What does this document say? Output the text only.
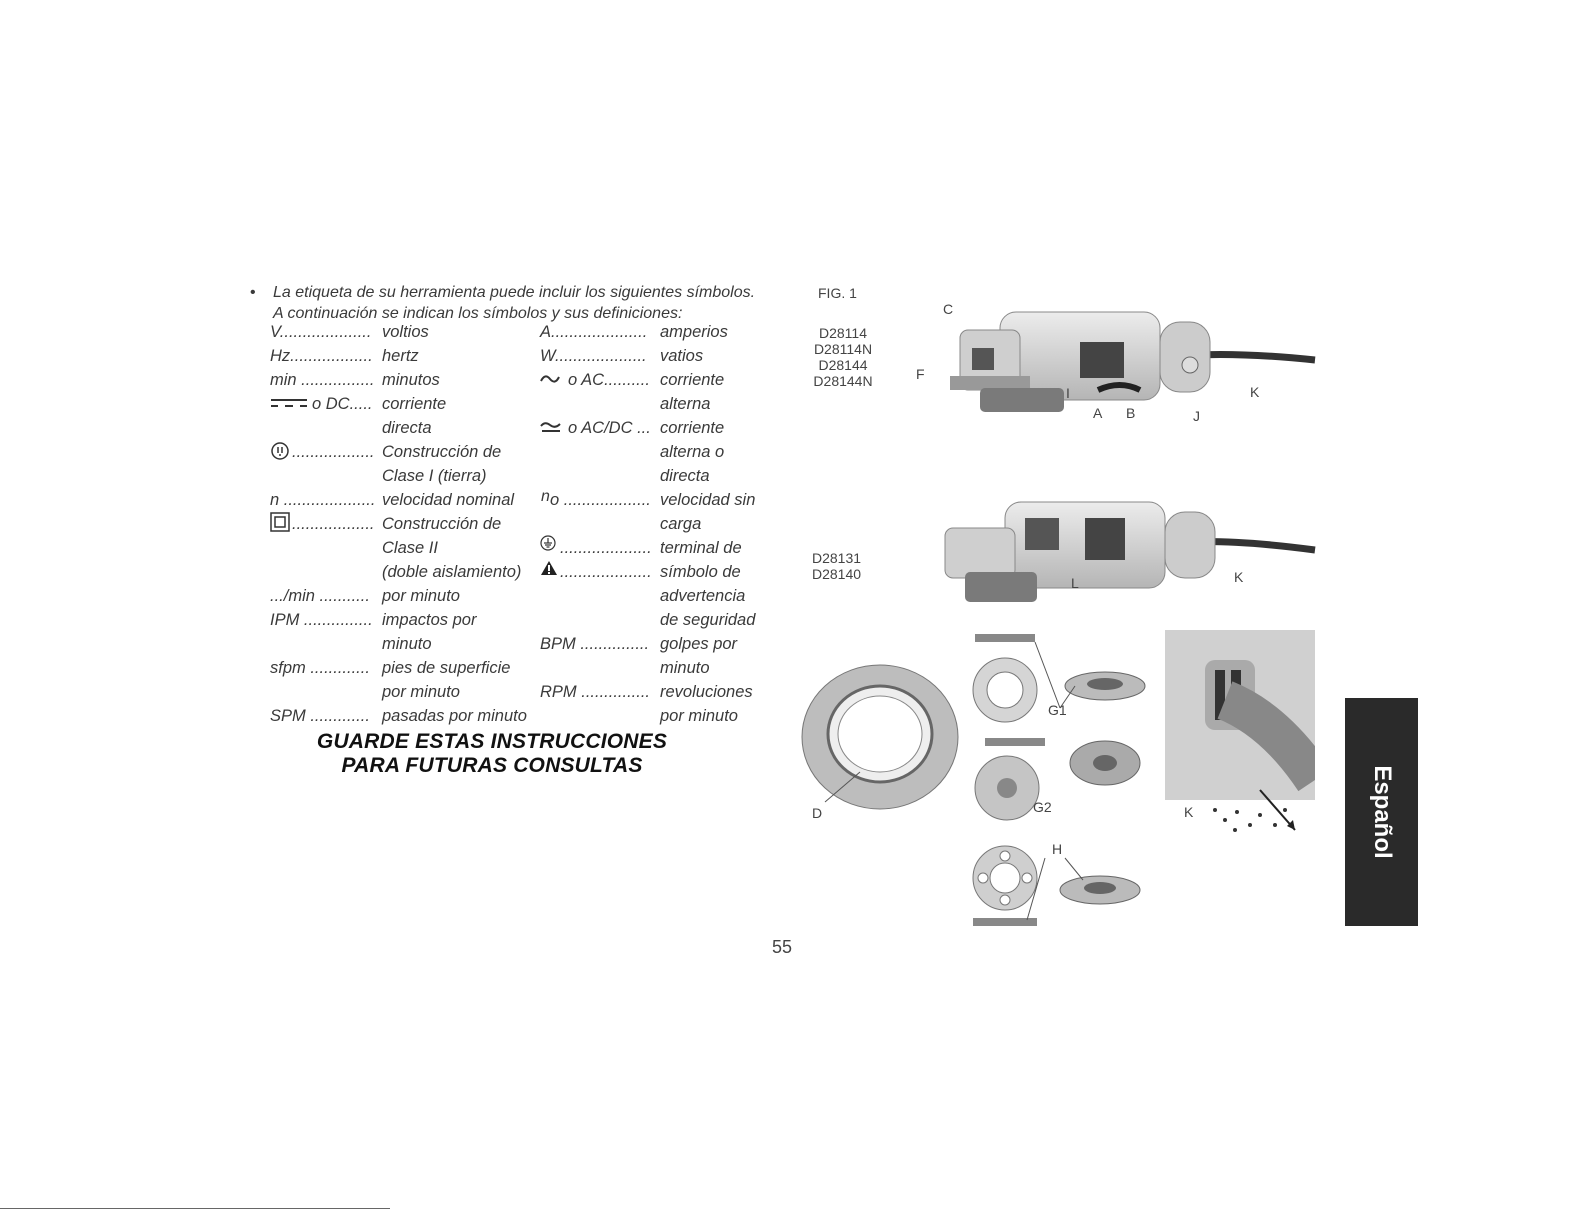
• La etiqueta de su herramienta puede incluir los siguientes símbolos.
A continuación se indican los símbolos y sus definiciones:
V.................... voltios
Hz.................. hertz
min ................ minutos
o DC..... corriente
directa
.................. Construcción de
Clase I (tierra)
n .................... velocidad nominal
.................. Construcción de
Clase II
(doble aislamiento)
.../min ........... por minuto
IPM ............... impactos por
minuto
sfpm ............. pies de superficie
por minuto
SPM ............. pasadas por minuto
A..................... amperios
W.................... vatios
o AC.......... corriente
alterna
o AC/DC ... corriente
alterna o
directa
o ................... velocidad sin
carga
.................... terminal de
.................... símbolo de
advertencia
de seguridad
BPM ............... golpes por
minuto
RPM ............... revoluciones
por minuto
n
GUARDE ESTAS INSTRUCCIONES
PARA FUTURAS CONSULTAS
FIG. 1
D28114
D28114N
D28144
D28144N
D28131
D28140
C
F
I
A B	J
K
L	K
D
G1
G2
H
K
55
Español
